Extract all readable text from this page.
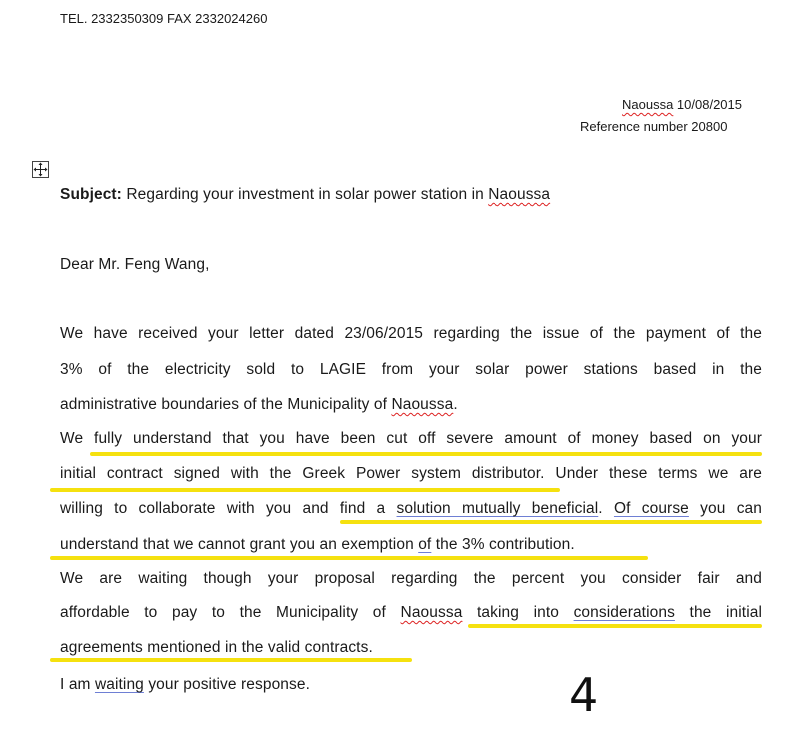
TEL. 2332350309 FAX 2332024260
Naoussa 10/08/2015
Reference number 20800
Subject: Regarding your investment in solar power station in Naoussa
Dear Mr. Feng Wang,
We have received your letter dated 23/06/2015 regarding the issue of the payment of the
3% of the electricity sold to LAGIE from your solar power stations based in the
administrative boundaries of the Municipality of Naoussa.
We fully understand that you have been cut off severe amount of money based on your
initial contract signed with the Greek Power system distributor. Under these terms we are
willing to collaborate with you and find a solution mutually beneficial. Of course you can
understand that we cannot grant you an exemption of the 3% contribution.
We are waiting though your proposal regarding the percent you consider fair and
affordable to pay to the Municipality of Naoussa taking into considerations the initial
agreements mentioned in the valid contracts.
I am waiting your positive response.	4
